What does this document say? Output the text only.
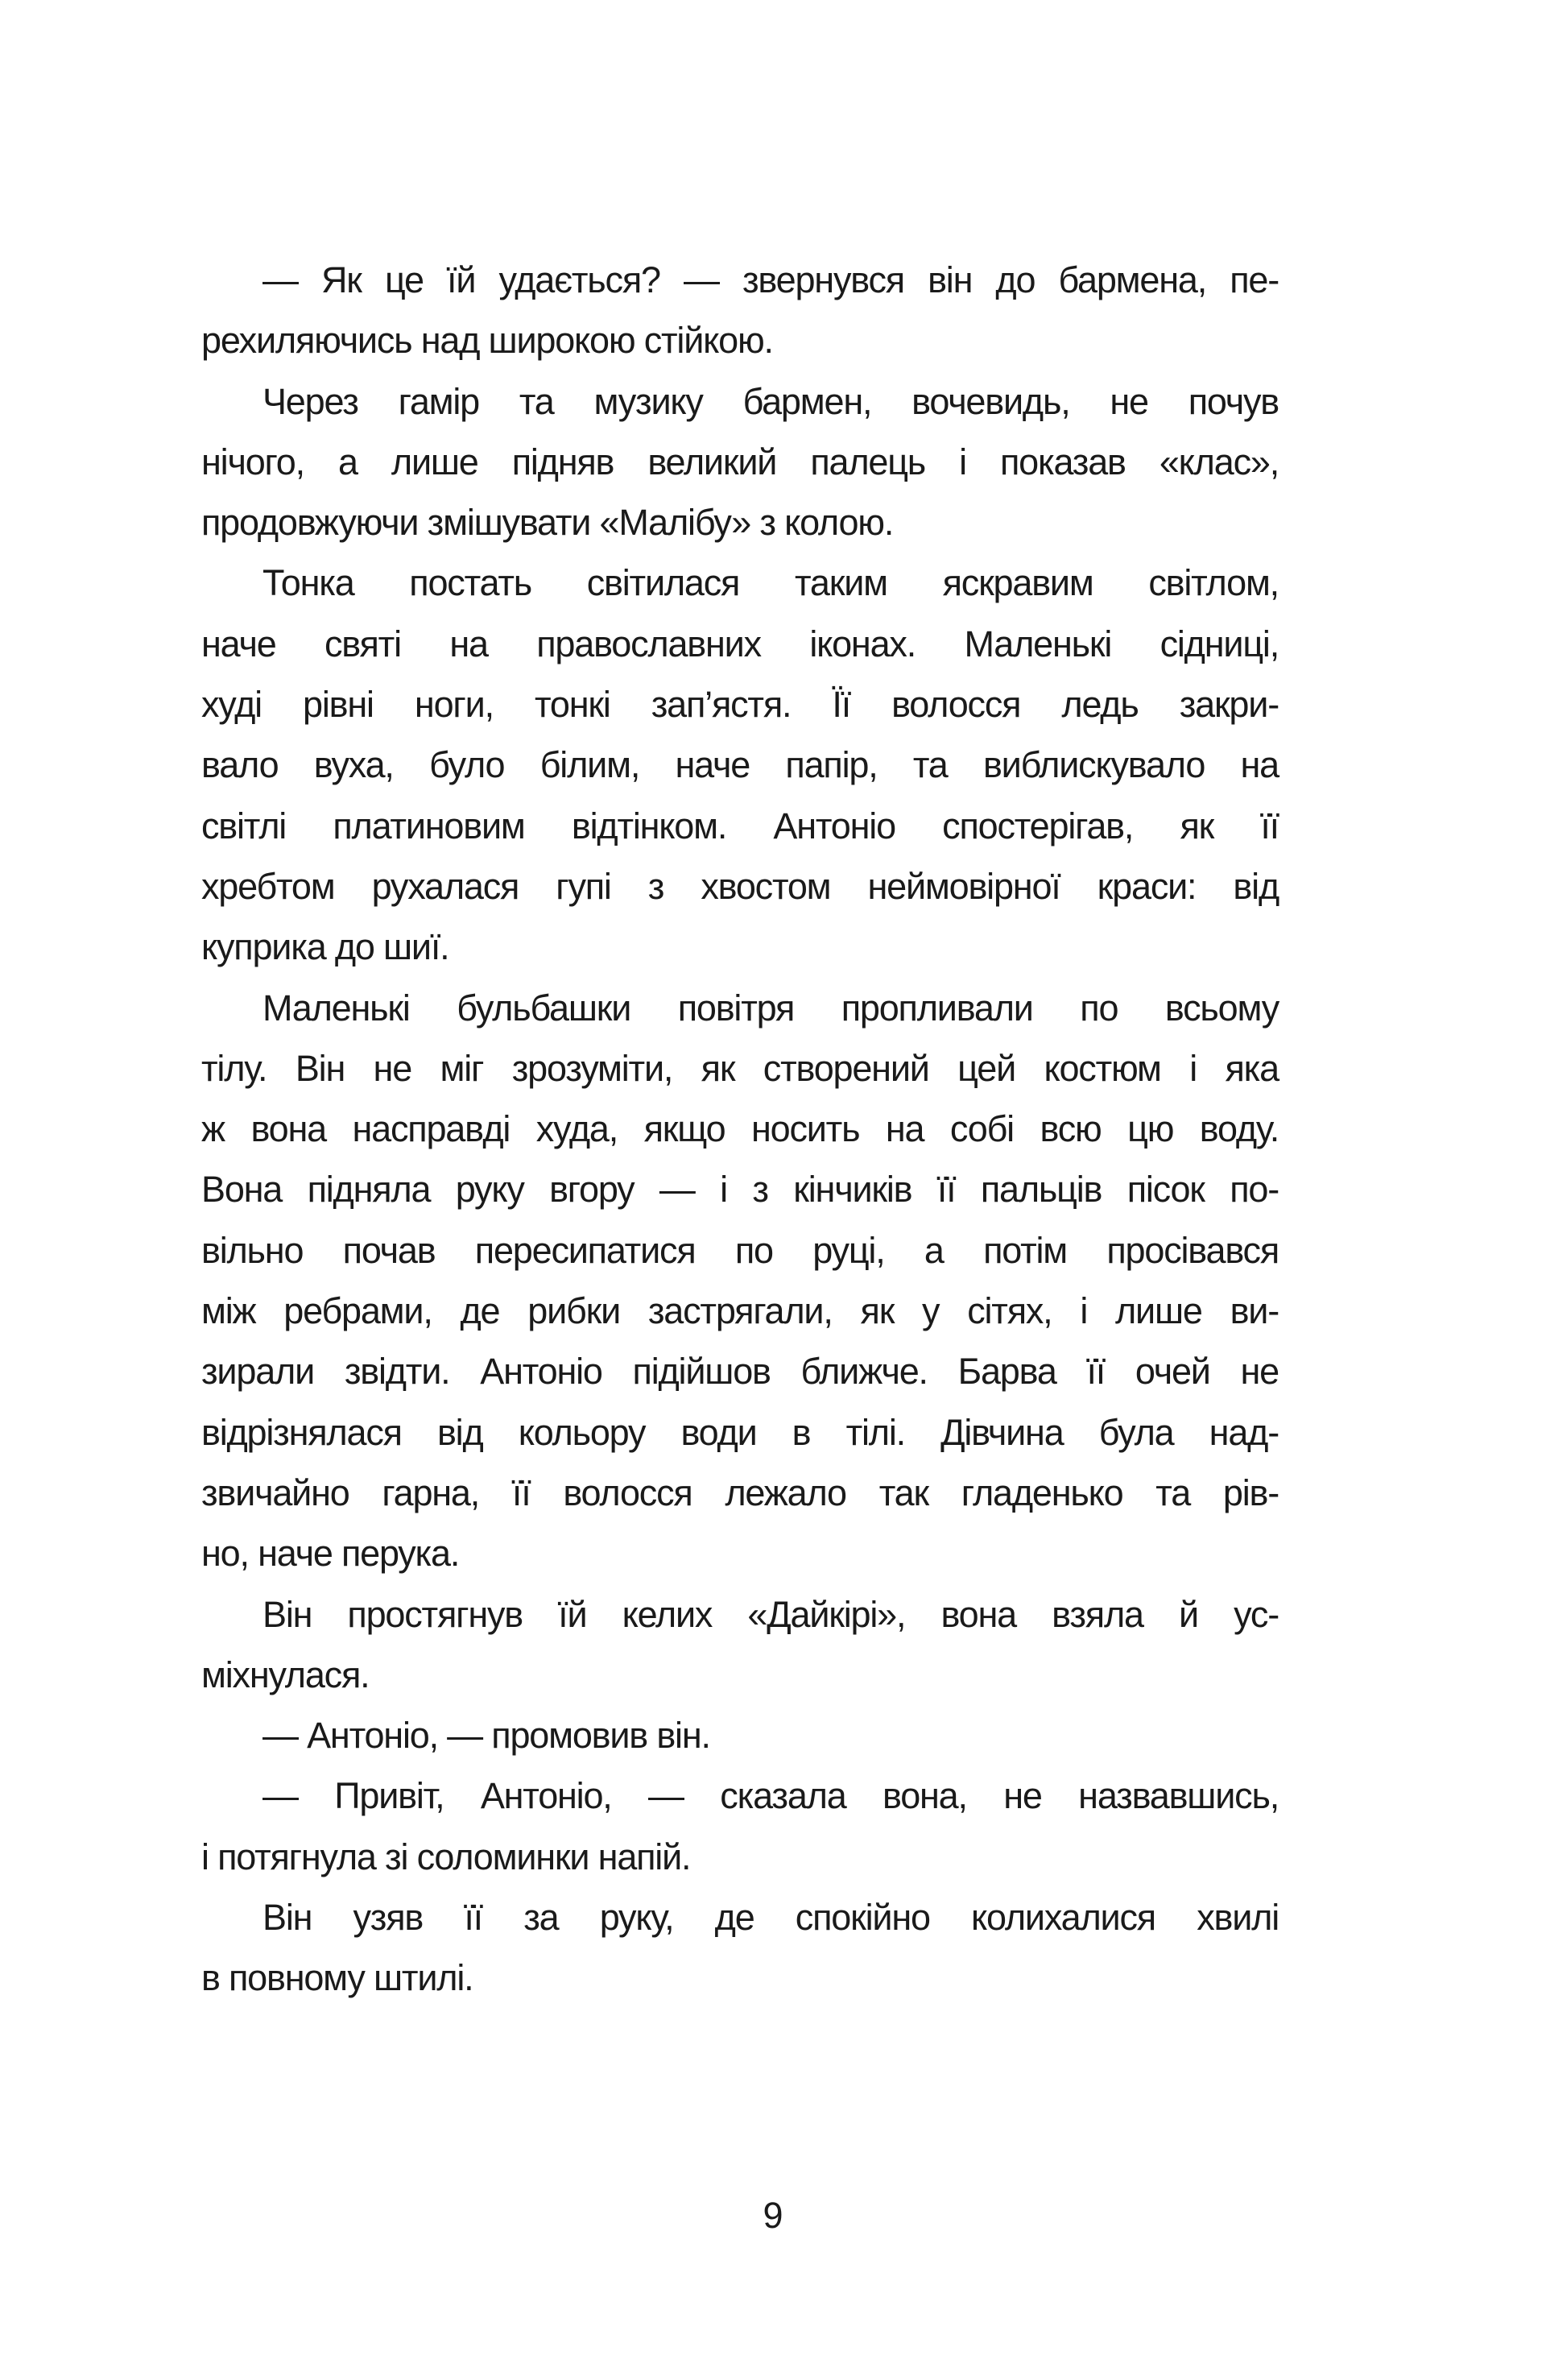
— Як це їй удається? — звернувся він до бармена, пе-
рехиляючись над широкою стійкою.
Через гамір та музику бармен, вочевидь, не почув
нічого, а лише підняв великий палець і показав «клас»,
продовжуючи змішувати «Малібу» з колою.
Тонка постать світилася таким яскравим світлом,
наче святі на православних іконах. Маленькі сідниці,
худі рівні ноги, тонкі зап’ястя. Її волосся ледь закри-
вало вуха, було білим, наче папір, та виблискувало на
світлі платиновим відтінком. Антоніо спостерігав, як її
хребтом рухалася гупі з хвостом неймовірної краси: від
куприка до шиї.
Маленькі бульбашки повітря пропливали по всьому
тілу. Він не міг зрозуміти, як створений цей костюм і яка
ж вона насправді худа, якщо носить на собі всю цю воду.
Вона підняла руку вгору — і з кінчиків її пальців пісок по-
вільно почав пересипатися по руці, а потім просівався
між ребрами, де рибки застрягали, як у сітях, і лише ви-
зирали звідти. Антоніо підійшов ближче. Барва її очей не
відрізнялася від кольору води в тілі. Дівчина була над-
звичайно гарна, її волосся лежало так гладенько та рів-
но, наче перука.
Він простягнув їй келих «Дайкірі», вона взяла й ус-
міхнулася.
— Антоніо, — промовив він.
— Привіт, Антоніо, — сказала вона, не назвавшись,
і потягнула зі соломинки напій.
Він узяв її за руку, де спокійно колихалися хвилі
в повному штилі.
9
